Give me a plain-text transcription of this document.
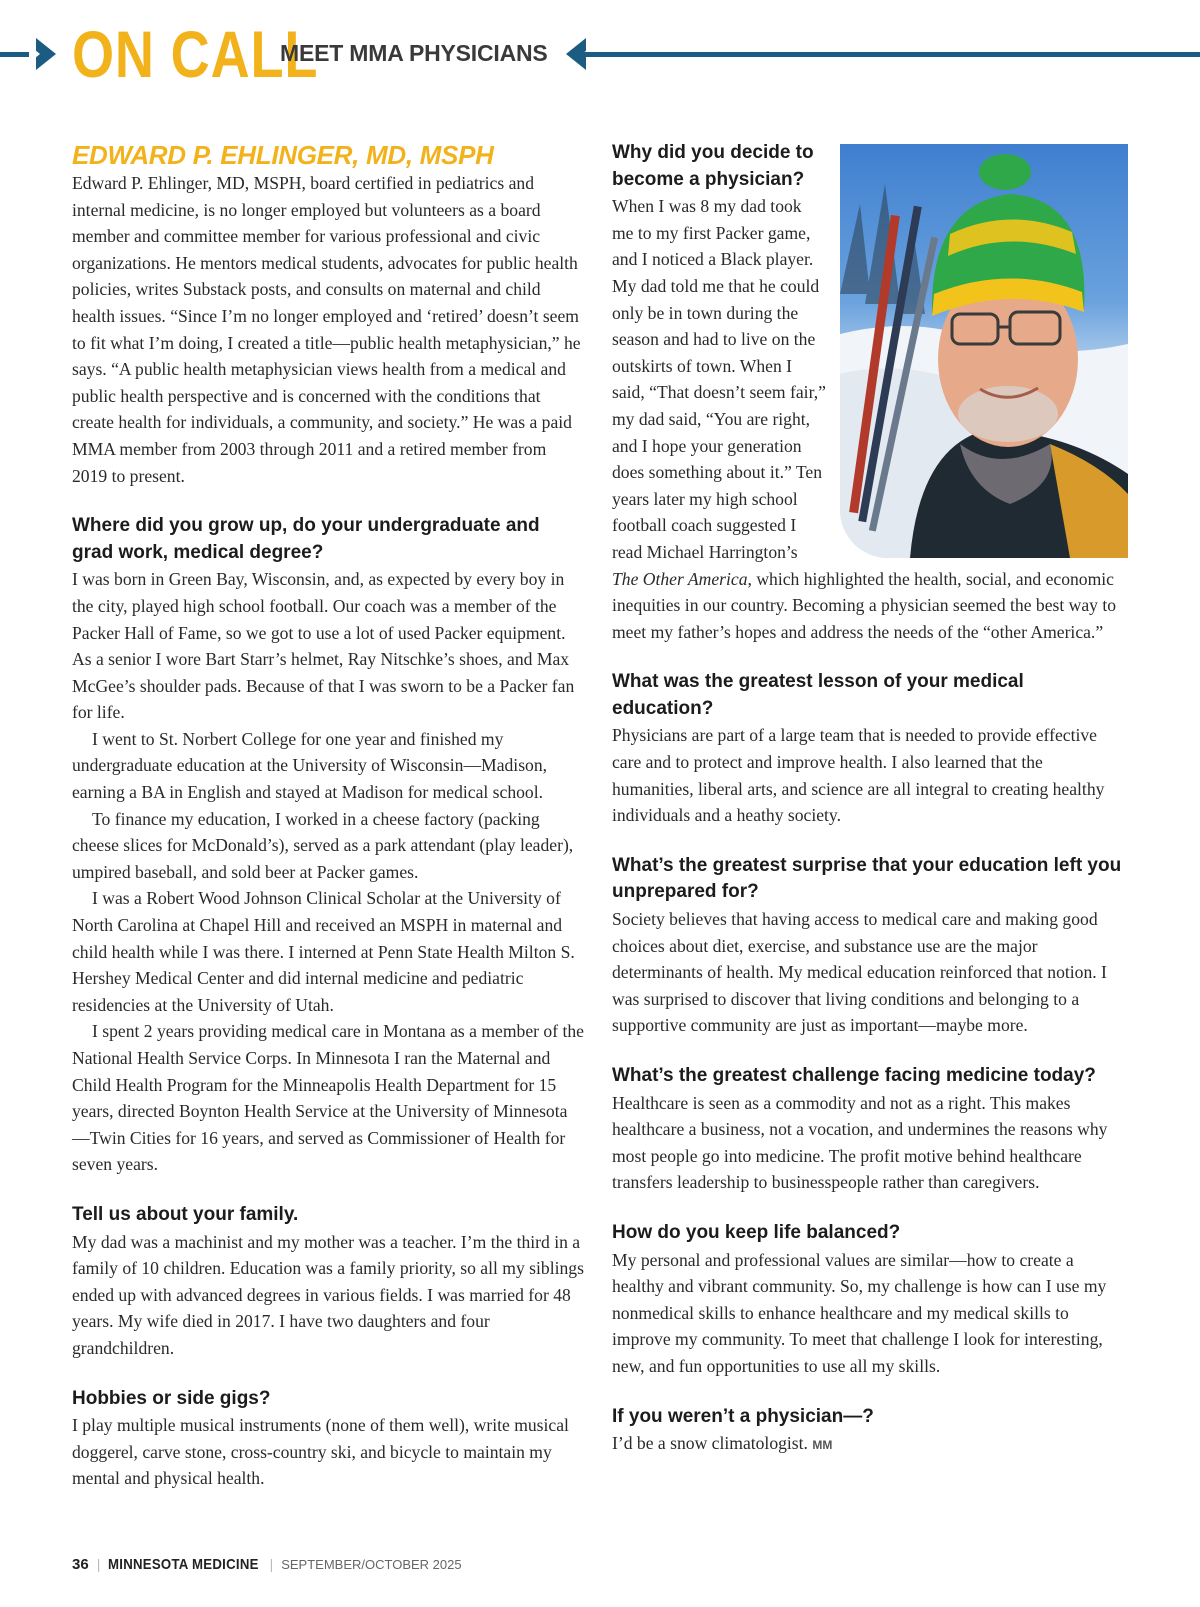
ON CALL
MEET MMA PHYSICIANS
EDWARD P. EHLINGER, MD, MSPH

Edward P. Ehlinger, MD, MSPH, board certified in pediatrics and internal medicine, is no longer employed but volunteers as a board member and committee member for various professional and civic organizations. He mentors medical students, advocates for public health policies, writes Substack posts, and consults on maternal and child health issues. “Since I’m no longer employed and ‘retired’ doesn’t seem to fit what I’m doing, I created a title—public health metaphysician,” he says. “A public health metaphysician views health from a medical and public health perspective and is concerned with the conditions that create health for individuals, a community, and society.” He was a paid MMA member from 2003 through 2011 and a retired member from 2019 to present.

Where did you grow up, do your undergraduate and grad work, medical degree?

I was born in Green Bay, Wisconsin, and, as expected by every boy in the city, played high school football. Our coach was a member of the Packer Hall of Fame, so we got to use a lot of used Packer equipment. As a senior I wore Bart Starr’s helmet, Ray Nitschke’s shoes, and Max McGee’s shoulder pads. Because of that I was sworn to be a Packer fan for life.

I went to St. Norbert College for one year and finished my undergraduate education at the University of Wisconsin—Madison, earning a BA in English and stayed at Madison for medical school.

To finance my education, I worked in a cheese factory (packing cheese slices for McDonald’s), served as a park attendant (play leader), umpired baseball, and sold beer at Packer games.

I was a Robert Wood Johnson Clinical Scholar at the University of North Carolina at Chapel Hill and received an MSPH in maternal and child health while I was there. I interned at Penn State Health Milton S. Hershey Medical Center and did internal medicine and pediatric residencies at the University of Utah.

I spent 2 years providing medical care in Montana as a member of the National Health Service Corps. In Minnesota I ran the Maternal and Child Health Program for the Minneapolis Health Department for 15 years, directed Boynton Health Service at the University of Minnesota—Twin Cities for 16 years, and served as Commissioner of Health for seven years.

Tell us about your family.

My dad was a machinist and my mother was a teacher. I’m the third in a family of 10 children. Education was a family priority, so all my siblings ended up with advanced degrees in various fields. I was married for 48 years. My wife died in 2017. I have two daughters and four grandchildren.

Hobbies or side gigs?

I play multiple musical instruments (none of them well), write musical doggerel, carve stone, cross-country ski, and bicycle to maintain my mental and physical health.

Why did you decide to become a physician?

When I was 8 my dad took me to my first Packer game, and I noticed a Black player. My dad told me that he could only be in town during the season and had to live on the outskirts of town. When I said, “That doesn’t seem fair,” my dad said, “You are right, and I hope your generation does something about it.” Ten years later my high school football coach suggested I read Michael Harrington’s The Other America, which highlighted the health, social, and economic inequities in our country. Becoming a physician seemed the best way to meet my father’s hopes and address the needs of the “other America.”

What was the greatest lesson of your medical education?

Physicians are part of a large team that is needed to provide effective care and to protect and improve health. I also learned that the humanities, liberal arts, and science are all integral to creating healthy individuals and a heathy society.

What’s the greatest surprise that your education left you unprepared for?

Society believes that having access to medical care and making good choices about diet, exercise, and substance use are the major determinants of health. My medical education reinforced that notion. I was surprised to discover that living conditions and belonging to a supportive community are just as important—maybe more.

What’s the greatest challenge facing medicine today?

Healthcare is seen as a commodity and not as a right. This makes healthcare a business, not a vocation, and undermines the reasons why most people go into medicine. The profit motive behind healthcare transfers leadership to businesspeople rather than caregivers.

How do you keep life balanced?

My personal and professional values are similar—how to create a healthy and vibrant community. So, my challenge is how can I use my nonmedical skills to enhance healthcare and my medical skills to improve my community. To meet that challenge I look for interesting, new, and fun opportunities to use all my skills.

If you weren’t a physician—?

I’d be a snow climatologist. MM

36 | MINNESOTA MEDICINE | SEPTEMBER/OCTOBER 2025
